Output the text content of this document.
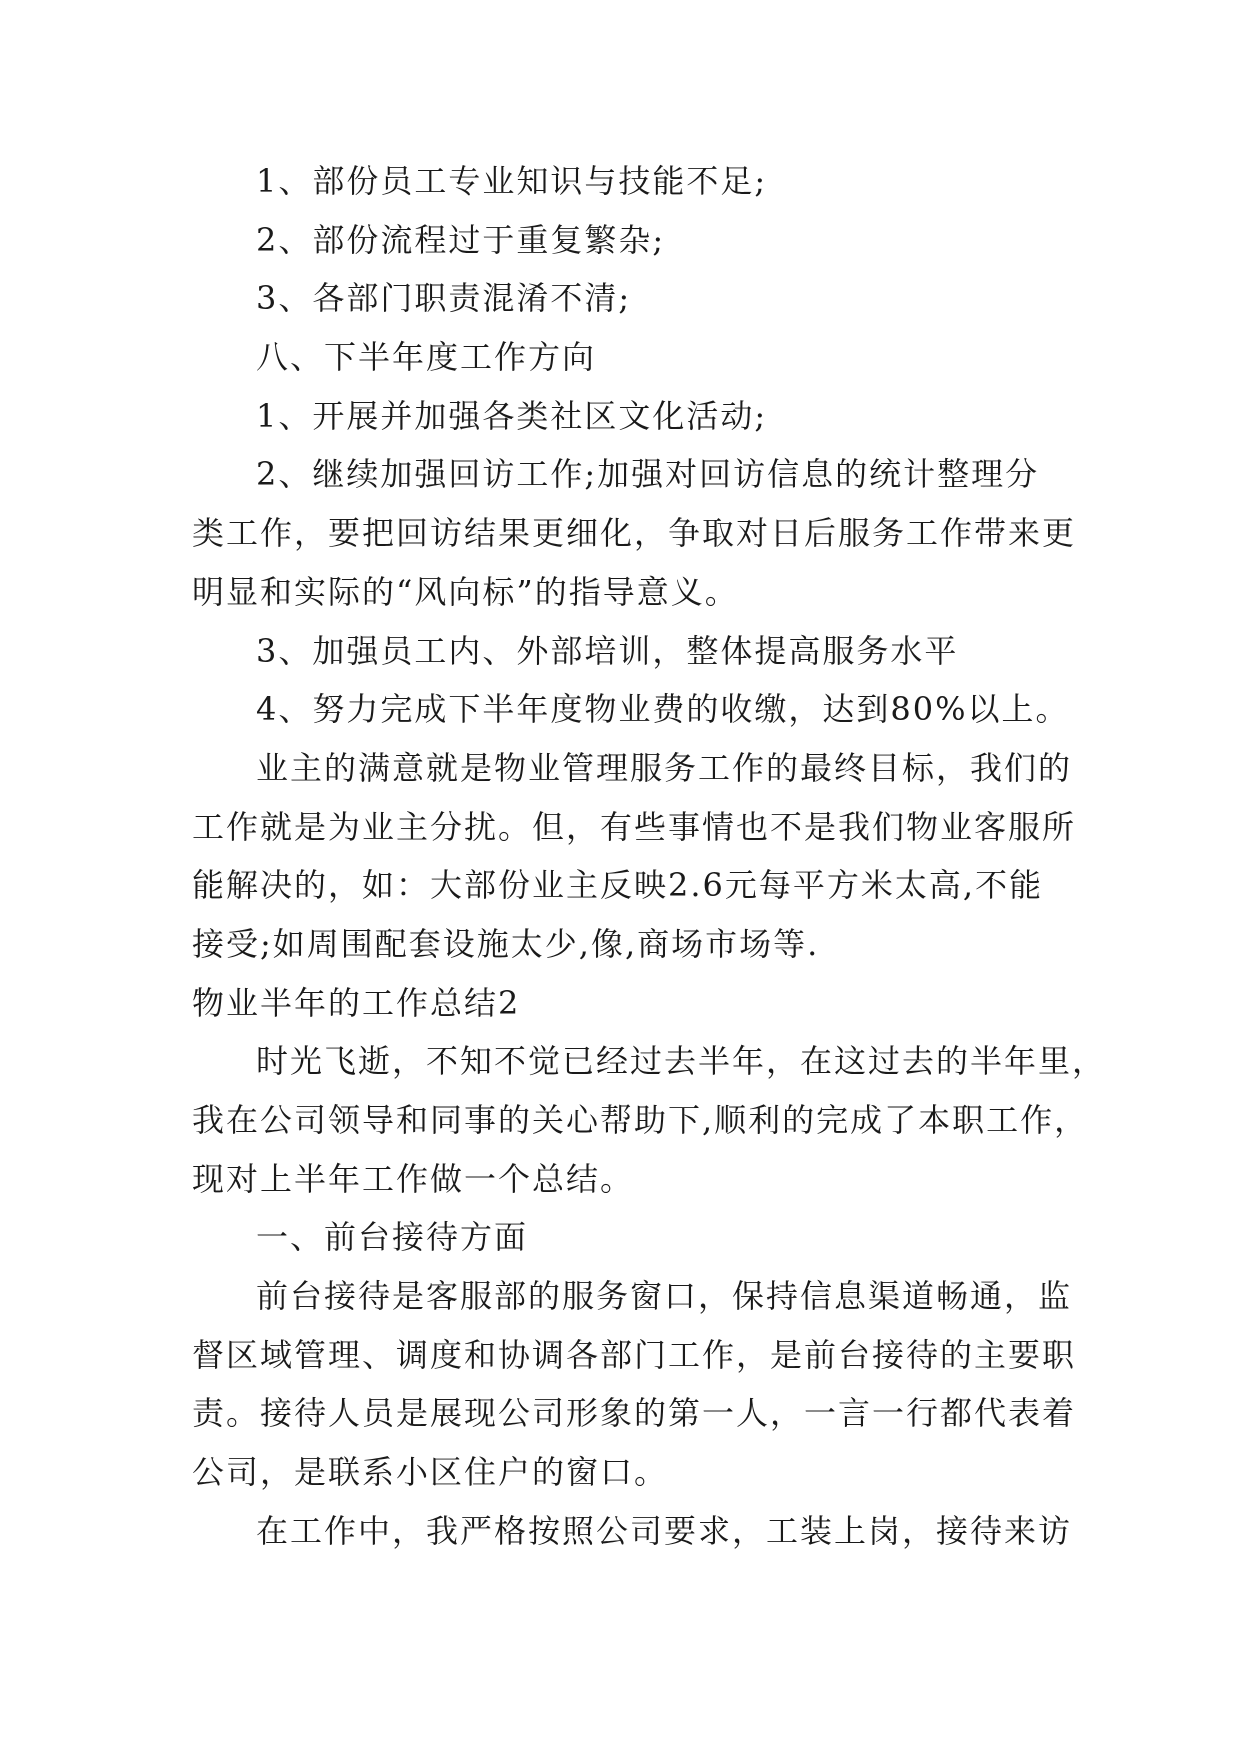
1、部份员工专业知识与技能不足;
2、部份流程过于重复繁杂;
3、各部门职责混淆不清;
八、下半年度工作方向
1、开展并加强各类社区文化活动;
2、继续加强回访工作;加强对回访信息的统计整理分
类工作，要把回访结果更细化，争取对日后服务工作带来更
明显和实际的“风向标”的指导意义。
3、加强员工内、外部培训，整体提高服务水平
4、努力完成下半年度物业费的收缴，达到80%以上。
业主的满意就是物业管理服务工作的最终目标，我们的
工作就是为业主分扰。但，有些事情也不是我们物业客服所
能解决的，如：大部份业主反映2.6元每平方米太高,不能
接受;如周围配套设施太少,像,商场市场等.
物业半年的工作总结2
时光飞逝，不知不觉已经过去半年，在这过去的半年里，
我在公司领导和同事的关心帮助下,顺利的完成了本职工作，
现对上半年工作做一个总结。
一、前台接待方面
前台接待是客服部的服务窗口，保持信息渠道畅通，监
督区域管理、调度和协调各部门工作，是前台接待的主要职
责。接待人员是展现公司形象的第一人，一言一行都代表着
公司，是联系小区住户的窗口。
在工作中，我严格按照公司要求，工装上岗，接待来访
